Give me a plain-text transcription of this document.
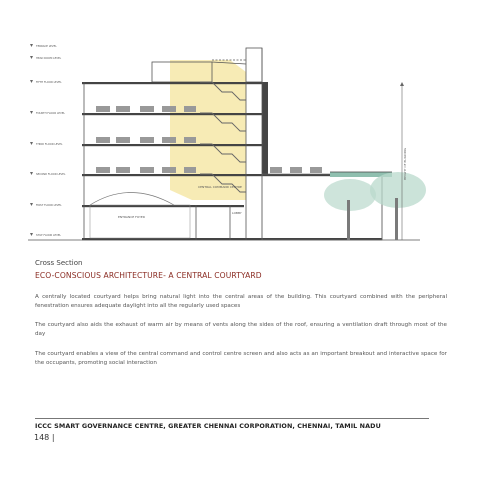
TERRACE LEVEL
HEAD ROOM LEVEL
FIFTH FLOOR LEVEL
FOURTH FLOOR LEVEL
THIRD FLOOR LEVEL
SECOND FLOOR LEVEL
FIRST FLOOR LEVEL
STILT FLOOR LEVEL
HEIGHT OF BUILDING
ENTRANCE FOYER
CENTRAL COMMAND CENTRE
LOBBY
Cross Section
ECO-CONSCIOUS ARCHITECTURE- A CENTRAL COURTYARD

A centrally located courtyard helps bring natural light into the central areas of the building. This courtyard combined with the peripheral fenestration ensures adequate daylight into all the regularly used spaces

The courtyard also aids the exhaust of warm air by means of vents along the sides of the roof, ensuring a ventilation draft through most of the day

The courtyard enables a view of the central command and control centre screen and also acts as an important breakout and interactive space for the occupants, promoting social interaction

ICCC SMART GOVERNANCE CENTRE, GREATER CHENNAI CORPORATION, CHENNAI, TAMIL NADU
148 |
